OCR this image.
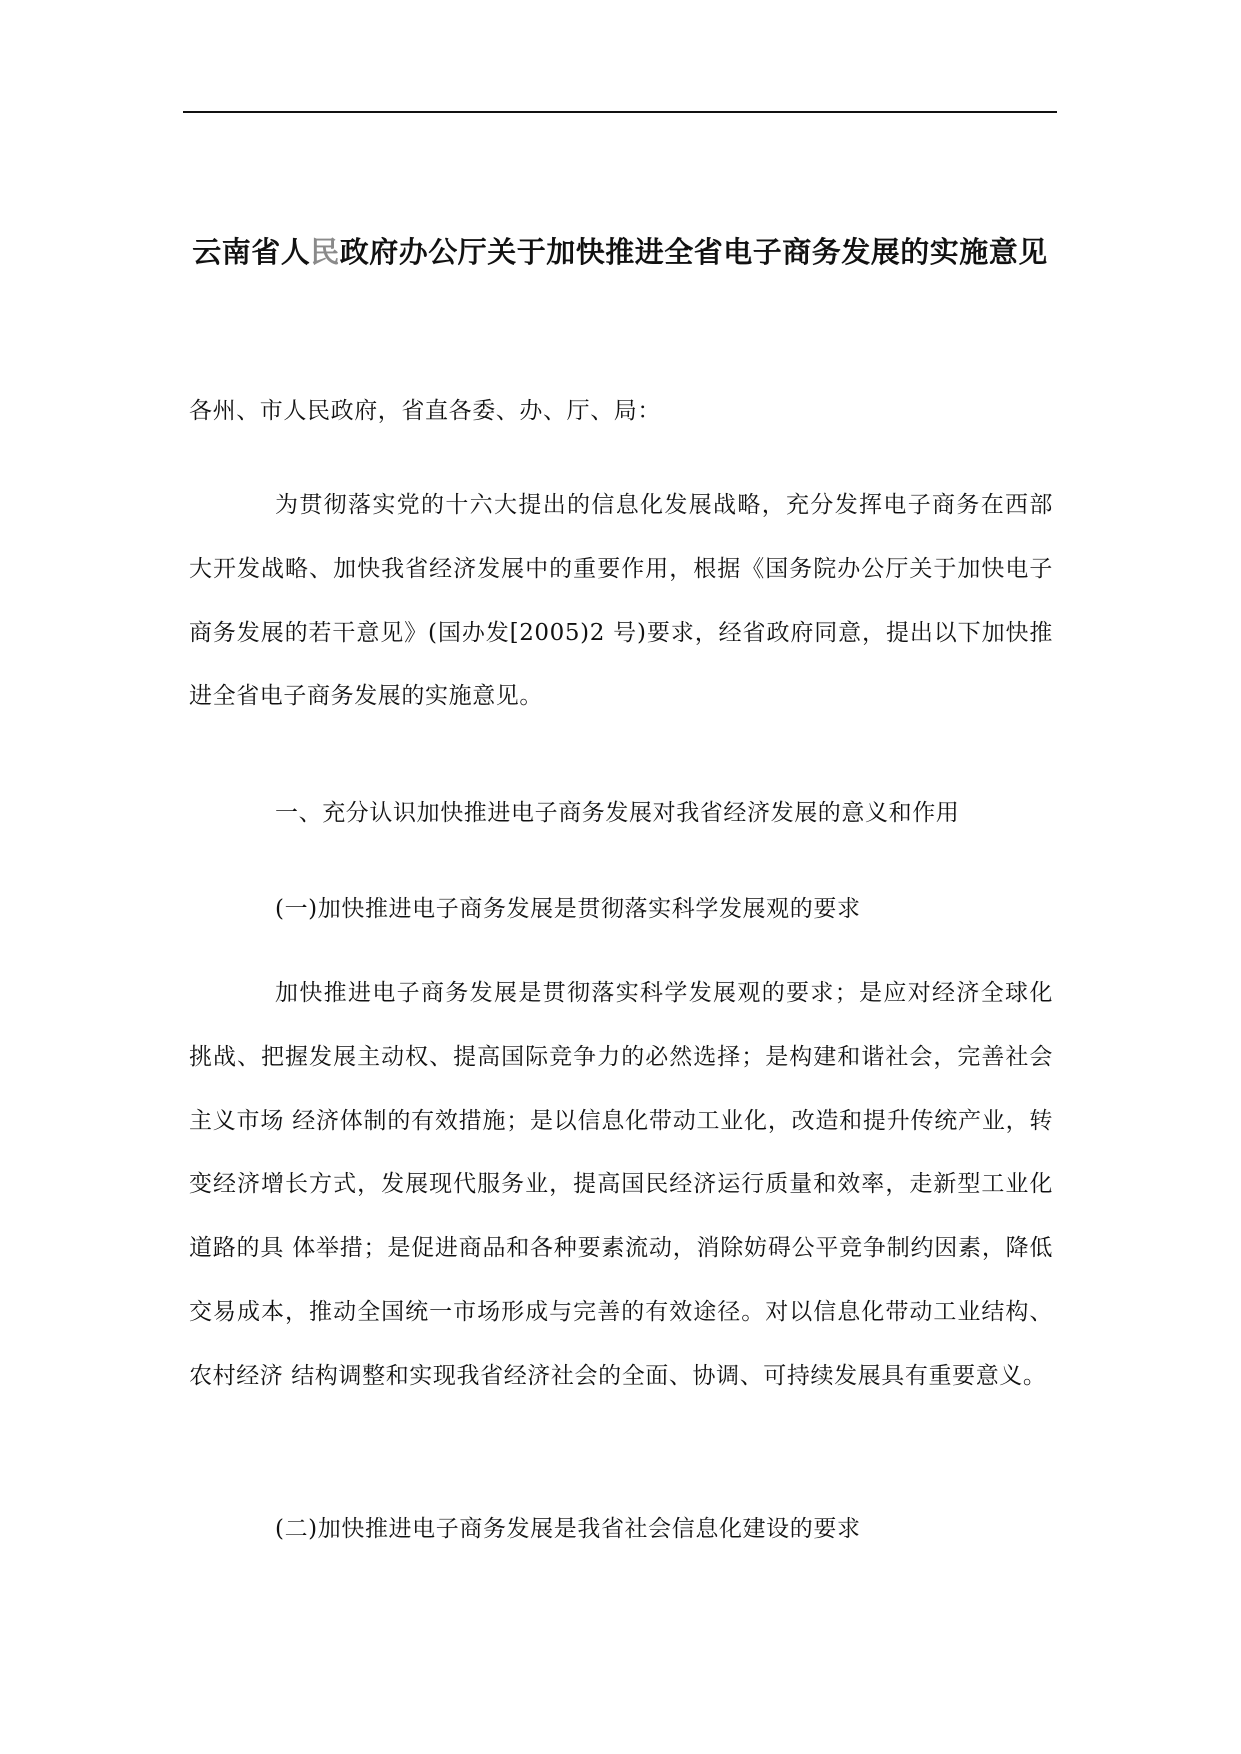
云南省人民政府办公厅关于加快推进全省电子商务发展的实施意见
各州、市人民政府，省直各委、办、厅、局：

为贯彻落实党的十六大提出的信息化发展战略，充分发挥电子商务在西部大开发战略、加快我省经济发展中的重要作用，根据《国务院办公厅关于加快电子商务发展的若干意见》(国办发[2005)2 号)要求，经省政府同意，提出以下加快推进全省电子商务发展的实施意见。

一、充分认识加快推进电子商务发展对我省经济发展的意义和作用
(一)加快推进电子商务发展是贯彻落实科学发展观的要求

加快推进电子商务发展是贯彻落实科学发展观的要求；是应对经济全球化挑战、把握发展主动权、提高国际竞争力的必然选择；是构建和谐社会，完善社会主义市场 经济体制的有效措施；是以信息化带动工业化，改造和提升传统产业，转变经济增长方式，发展现代服务业，提高国民经济运行质量和效率，走新型工业化道路的具 体举措；是促进商品和各种要素流动，消除妨碍公平竞争制约因素，降低交易成本，推动全国统一市场形成与完善的有效途径。对以信息化带动工业结构、农村经济 结构调整和实现我省经济社会的全面、协调、可持续发展具有重要意义。

(二)加快推进电子商务发展是我省社会信息化建设的要求
